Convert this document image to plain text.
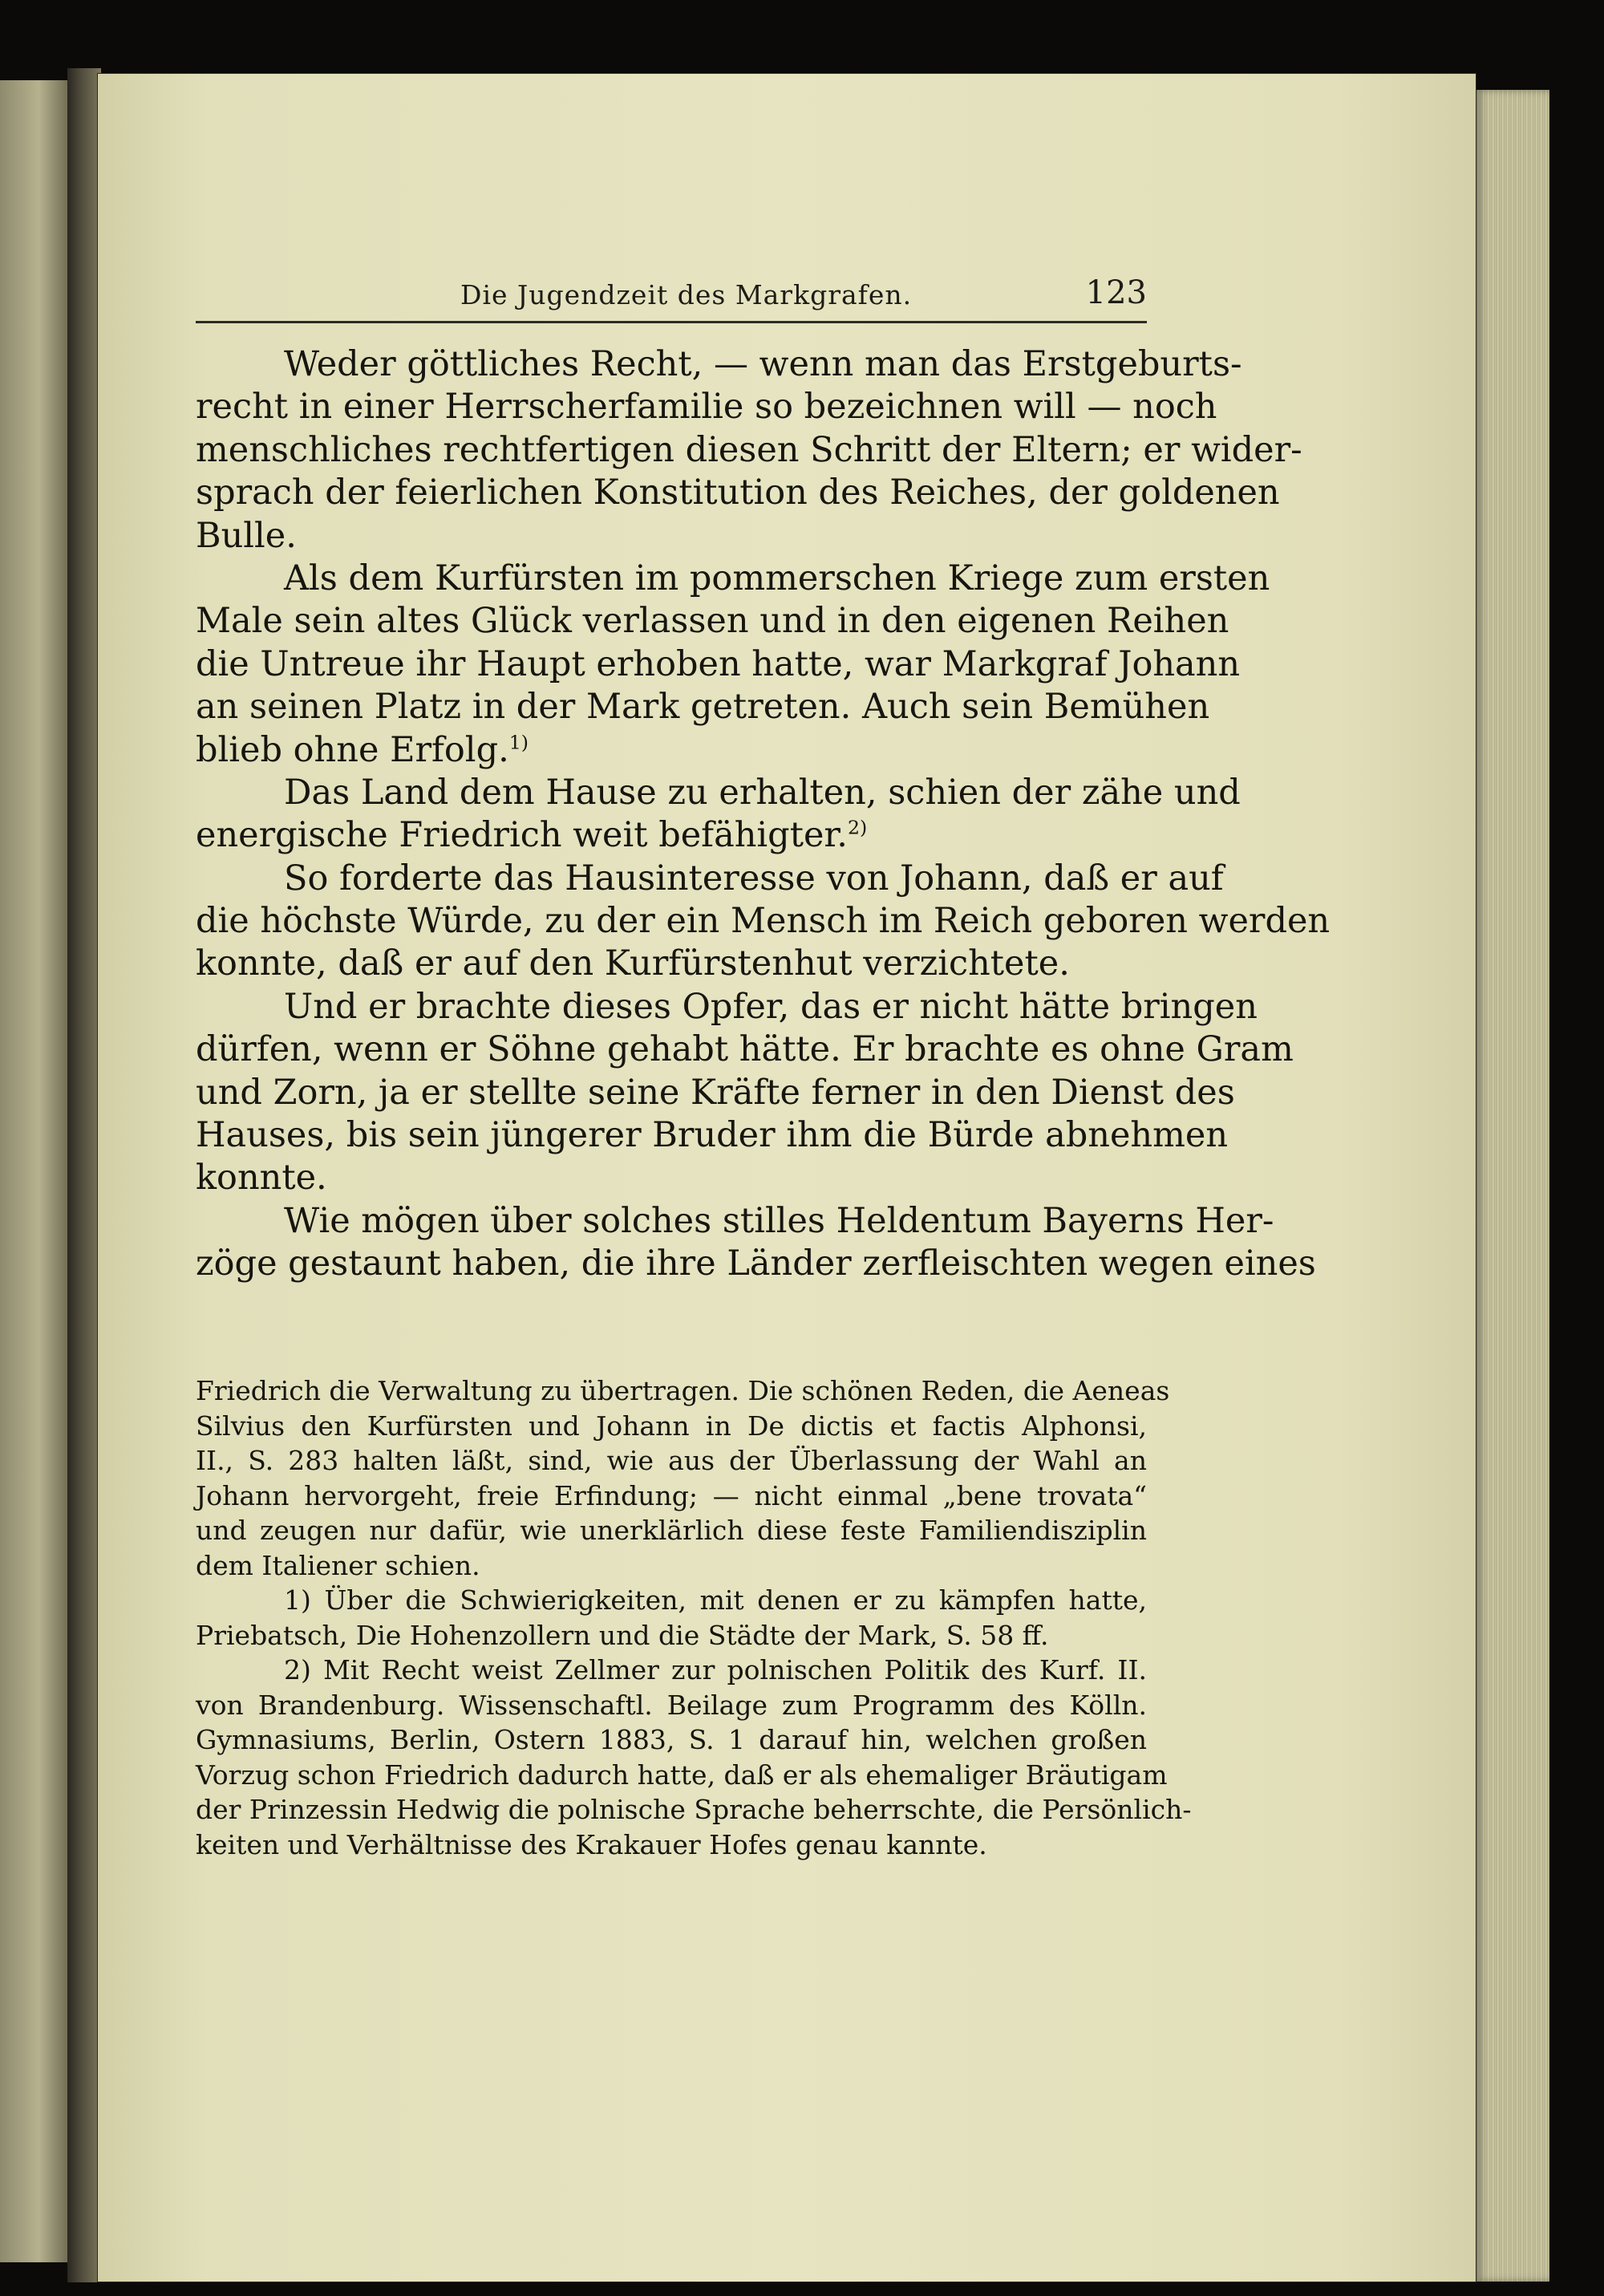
Die Jugendzeit des Markgrafen.	123
Weder göttliches Recht, — wenn man das Erstgeburts-
recht in einer Herrscherfamilie so bezeichnen will — noch
menschliches rechtfertigen diesen Schritt der Eltern; er wider-
sprach der feierlichen Konstitution des Reiches, der goldenen
Bulle.
Als dem Kurfürsten im pommerschen Kriege zum ersten
Male sein altes Glück verlassen und in den eigenen Reihen
die Untreue ihr Haupt erhoben hatte, war Markgraf Johann
an seinen Platz in der Mark getreten. Auch sein Bemühen
blieb ohne Erfolg.$^{1)}$
Das Land dem Hause zu erhalten, schien der zähe und
energische Friedrich weit befähigter.$^{2)}$
So forderte das Hausinteresse von Johann, daß er auf
die höchste Würde, zu der ein Mensch im Reich geboren werden
konnte, daß er auf den Kurfürstenhut verzichtete.
Und er brachte dieses Opfer, das er nicht hätte bringen
dürfen, wenn er Söhne gehabt hätte. Er brachte es ohne Gram
und Zorn, ja er stellte seine Kräfte ferner in den Dienst des
Hauses, bis sein jüngerer Bruder ihm die Bürde abnehmen
konnte.
Wie mögen über solches stilles Heldentum Bayerns Her-
zöge gestaunt haben, die ihre Länder zerfleischten wegen eines
Friedrich die Verwaltung zu übertragen. Die schönen Reden, die Aeneas
Silvius den Kurfürsten und Johann in De dictis et factis Alphonsi,
II., S. 283 halten läßt, sind, wie aus der Überlassung der Wahl an
Johann hervorgeht, freie Erfindung; — nicht einmal „bene trovata“
und zeugen nur dafür, wie unerklärlich diese feste Familiendisziplin
dem Italiener schien.
1) Über die Schwierigkeiten, mit denen er zu kämpfen hatte,
Priebatsch, Die Hohenzollern und die Städte der Mark, S. 58 ff.
2) Mit Recht weist Zellmer zur polnischen Politik des Kurf. II.
von Brandenburg. Wissenschaftl. Beilage zum Programm des Kölln.
Gymnasiums, Berlin, Ostern 1883, S. 1 darauf hin, welchen großen
Vorzug schon Friedrich dadurch hatte, daß er als ehemaliger Bräutigam
der Prinzessin Hedwig die polnische Sprache beherrschte, die Persönlich-
keiten und Verhältnisse des Krakauer Hofes genau kannte.
